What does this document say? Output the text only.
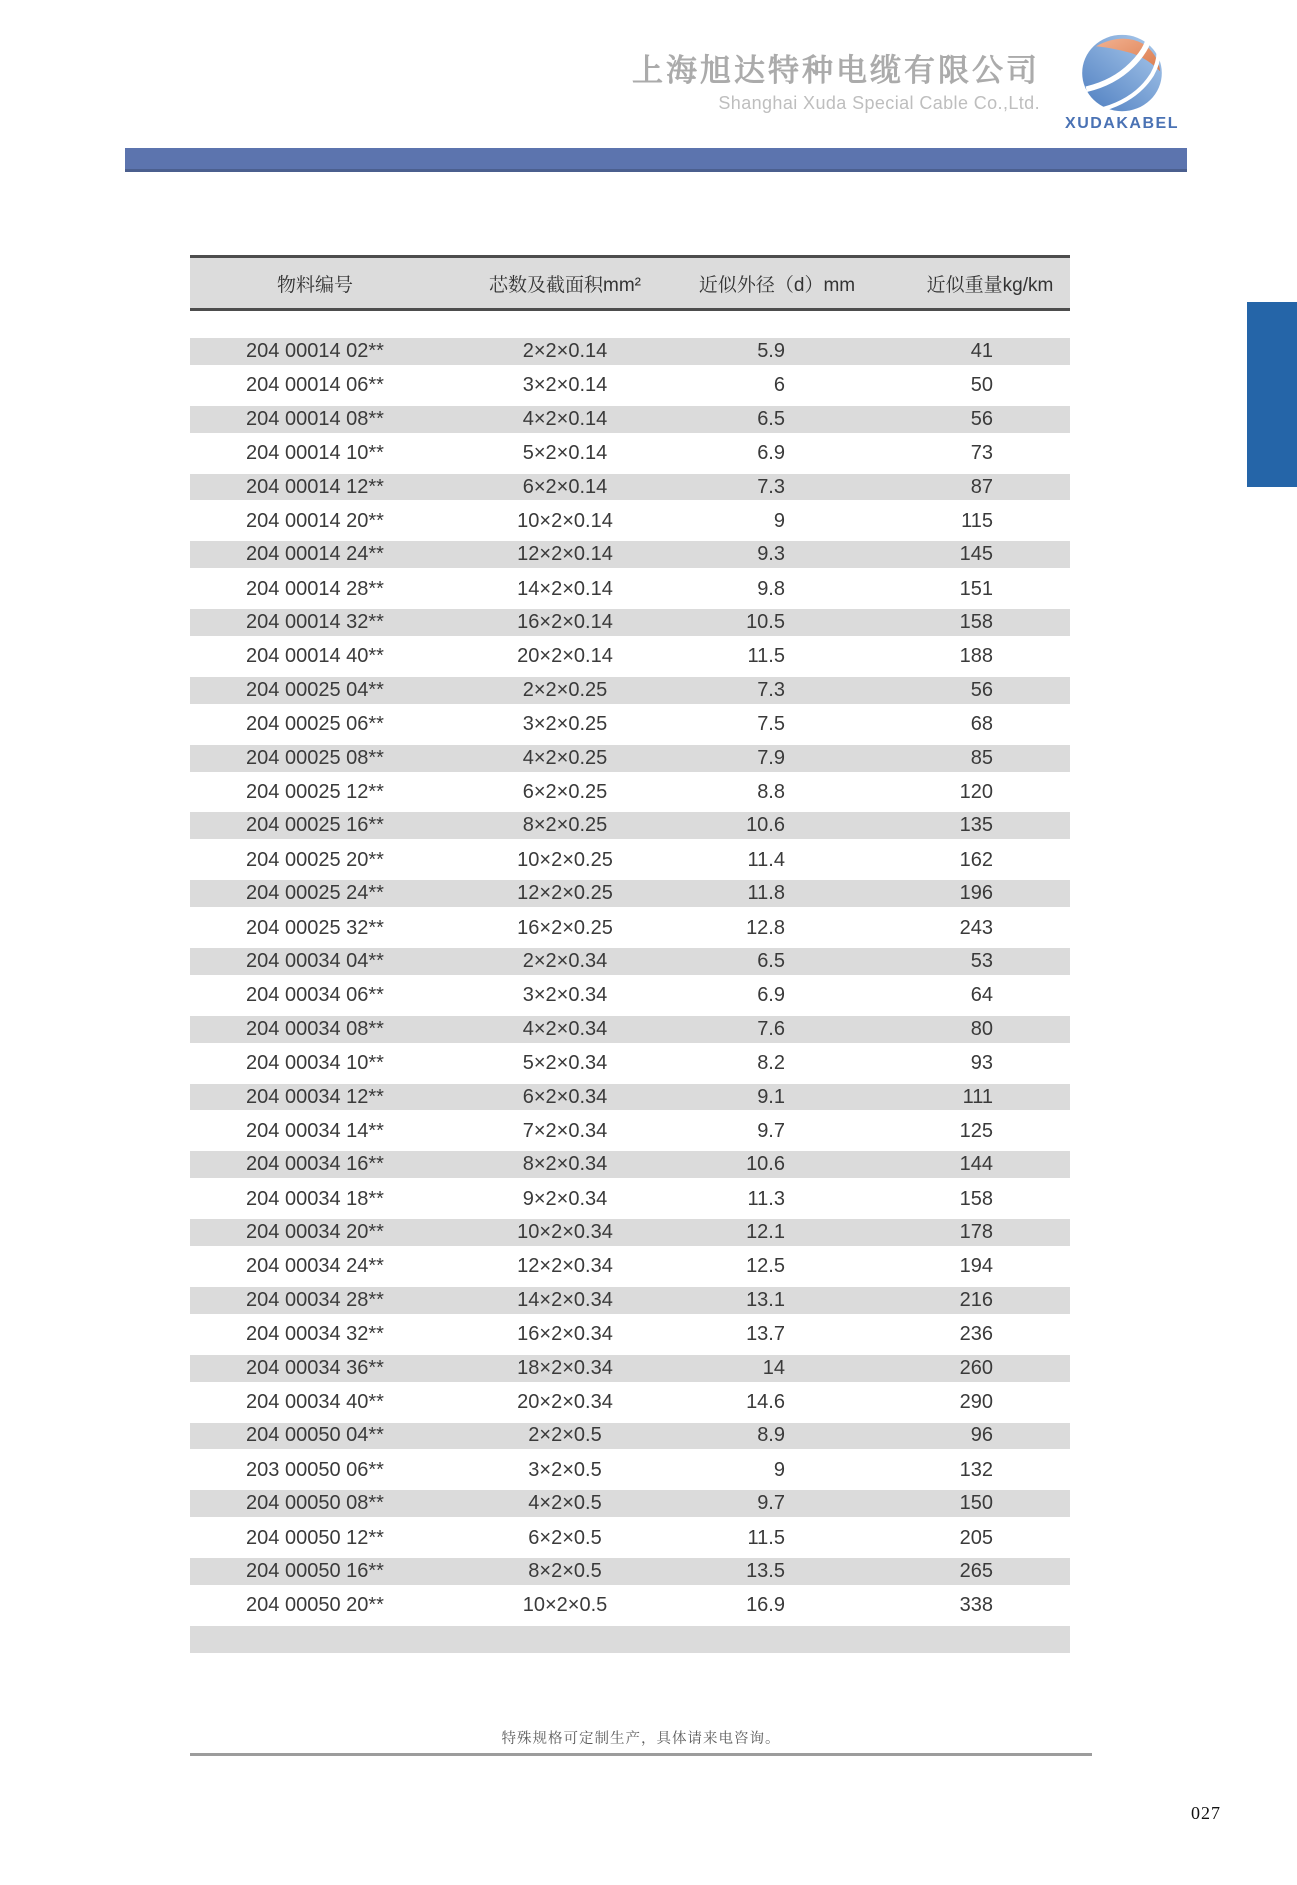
上海旭达特种电缆有限公司
Shanghai Xuda Special Cable Co.,Ltd.
XUDAKABEL
物料编号	芯数及截面积mm²	近似外径（d）mm	近似重量kg/km
204 00014 02**	2×2×0.14	5.9	41
204 00014 06**	3×2×0.14	6	50
204 00014 08**	4×2×0.14	6.5	56
204 00014 10**	5×2×0.14	6.9	73
204 00014 12**	6×2×0.14	7.3	87
204 00014 20**	10×2×0.14	9	115
204 00014 24**	12×2×0.14	9.3	145
204 00014 28**	14×2×0.14	9.8	151
204 00014 32**	16×2×0.14	10.5	158
204 00014 40**	20×2×0.14	11.5	188
204 00025 04**	2×2×0.25	7.3	56
204 00025 06**	3×2×0.25	7.5	68
204 00025 08**	4×2×0.25	7.9	85
204 00025 12**	6×2×0.25	8.8	120
204 00025 16**	8×2×0.25	10.6	135
204 00025 20**	10×2×0.25	11.4	162
204 00025 24**	12×2×0.25	11.8	196
204 00025 32**	16×2×0.25	12.8	243
204 00034 04**	2×2×0.34	6.5	53
204 00034 06**	3×2×0.34	6.9	64
204 00034 08**	4×2×0.34	7.6	80
204 00034 10**	5×2×0.34	8.2	93
204 00034 12**	6×2×0.34	9.1	111
204 00034 14**	7×2×0.34	9.7	125
204 00034 16**	8×2×0.34	10.6	144
204 00034 18**	9×2×0.34	11.3	158
204 00034 20**	10×2×0.34	12.1	178
204 00034 24**	12×2×0.34	12.5	194
204 00034 28**	14×2×0.34	13.1	216
204 00034 32**	16×2×0.34	13.7	236
204 00034 36**	18×2×0.34	14	260
204 00034 40**	20×2×0.34	14.6	290
204 00050 04**	2×2×0.5	8.9	96
203 00050 06**	3×2×0.5	9	132
204 00050 08**	4×2×0.5	9.7	150
204 00050 12**	6×2×0.5	11.5	205
204 00050 16**	8×2×0.5	13.5	265
204 00050 20**	10×2×0.5	16.9	338
特殊规格可定制生产，具体请来电咨询。
027
